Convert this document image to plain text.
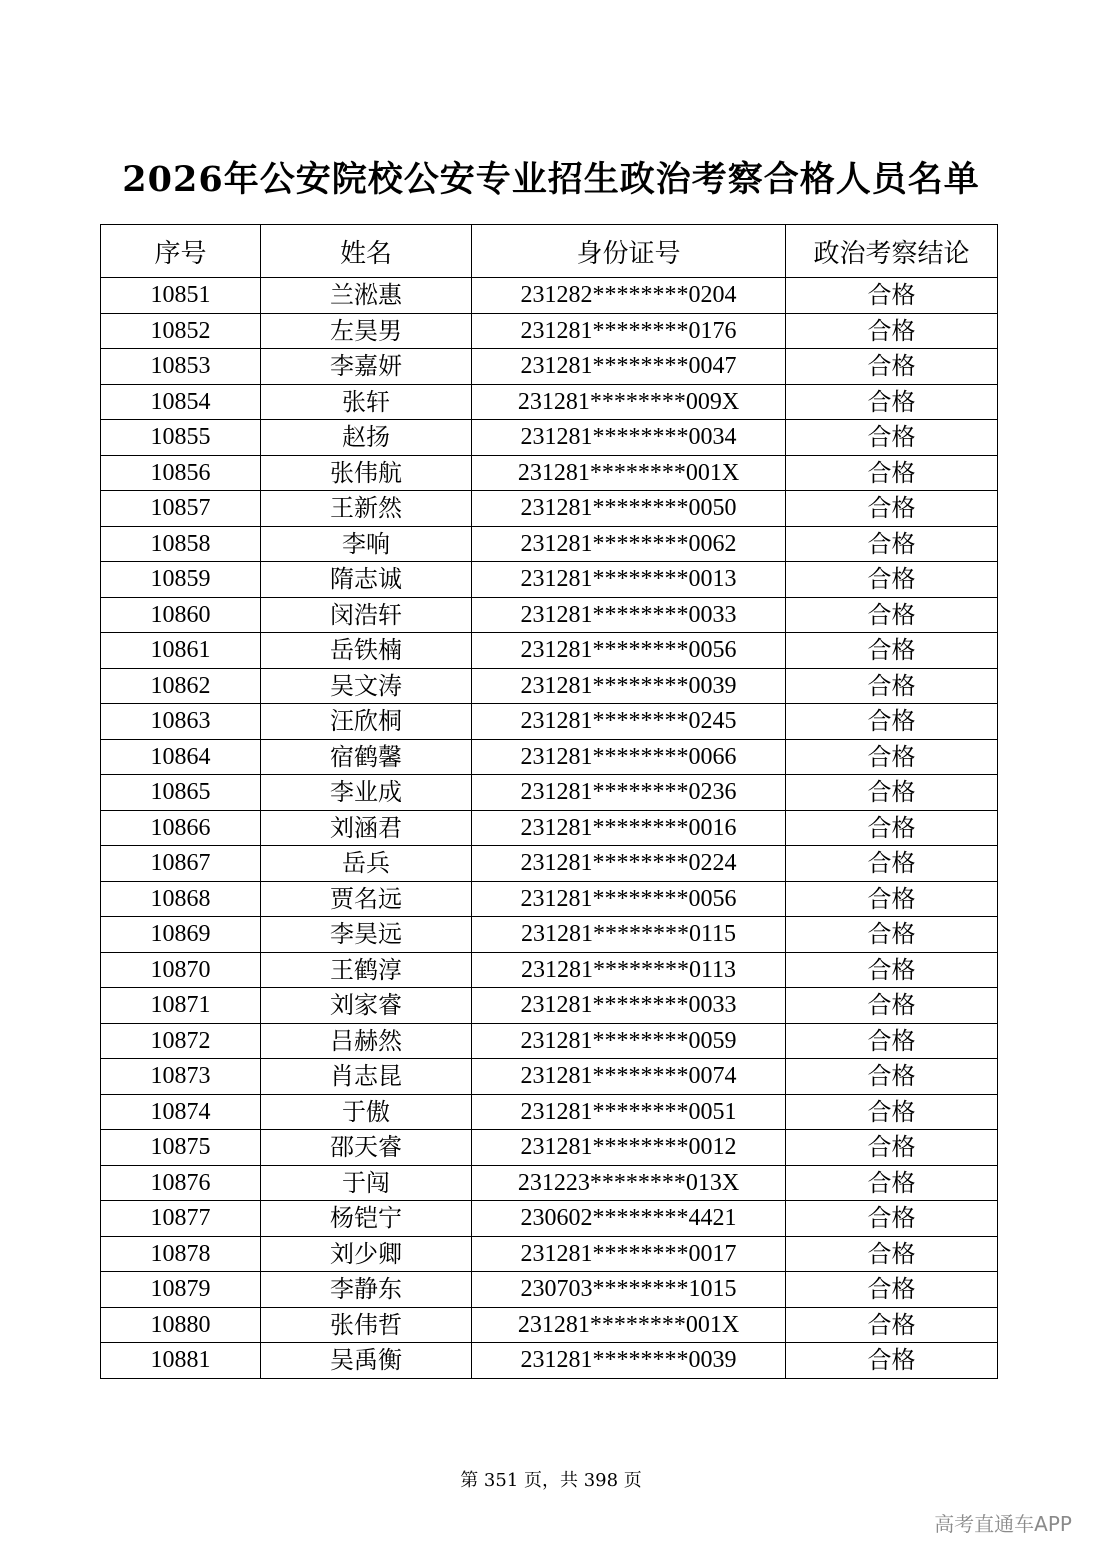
2026年公安院校公安专业招生政治考察合格人员名单
序号	姓名	身份证号	政治考察结论
10851	兰淞惠	231282********0204	合格
10852	左昊男	231281********0176	合格
10853	李嘉妍	231281********0047	合格
10854	张轩	231281********009X	合格
10855	赵扬	231281********0034	合格
10856	张伟航	231281********001X	合格
10857	王新然	231281********0050	合格
10858	李响	231281********0062	合格
10859	隋志诚	231281********0013	合格
10860	闵浩轩	231281********0033	合格
10861	岳铁楠	231281********0056	合格
10862	吴文涛	231281********0039	合格
10863	汪欣桐	231281********0245	合格
10864	宿鹤馨	231281********0066	合格
10865	李业成	231281********0236	合格
10866	刘涵君	231281********0016	合格
10867	岳兵	231281********0224	合格
10868	贾名远	231281********0056	合格
10869	李昊远	231281********0115	合格
10870	王鹤淳	231281********0113	合格
10871	刘家睿	231281********0033	合格
10872	吕赫然	231281********0059	合格
10873	肖志昆	231281********0074	合格
10874	于傲	231281********0051	合格
10875	邵天睿	231281********0012	合格
10876	于闯	231223********013X	合格
10877	杨铠宁	230602********4421	合格
10878	刘少卿	231281********0017	合格
10879	李静东	230703********1015	合格
10880	张伟哲	231281********001X	合格
10881	吴禹衡	231281********0039	合格
第 351 页，共 398 页
高考直通车APP
